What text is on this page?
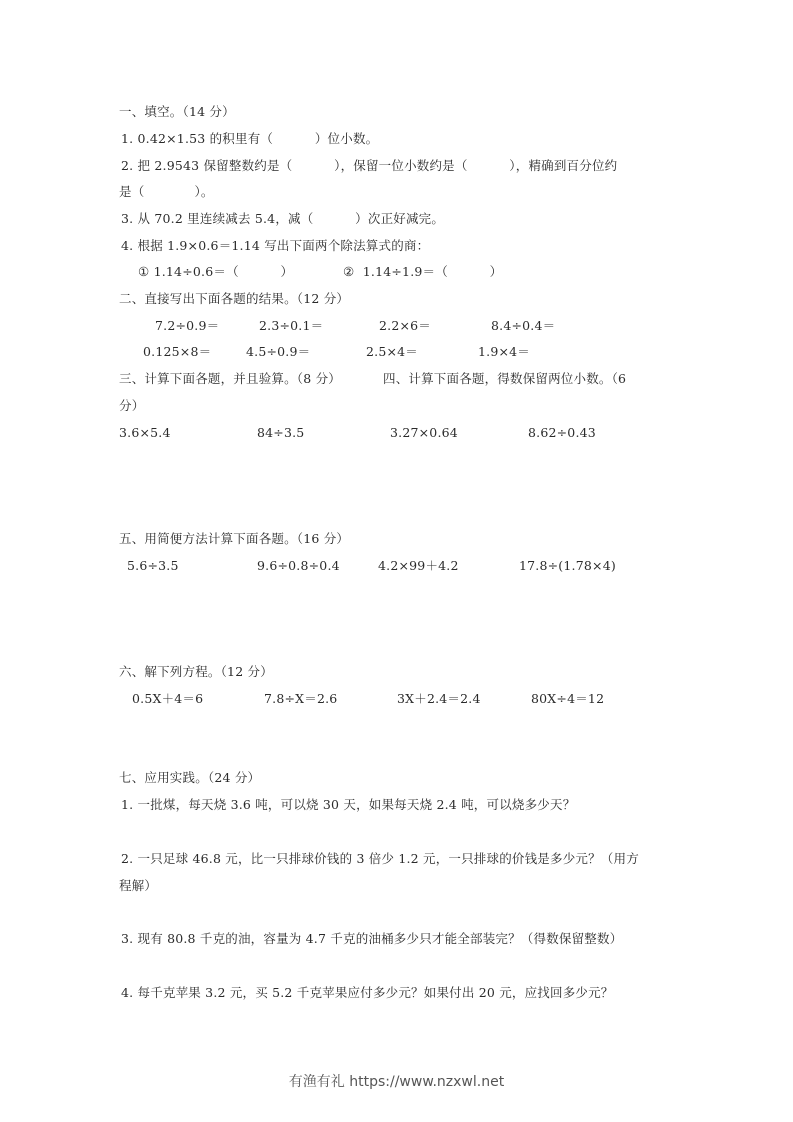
一、填空。（14 分）
1. 0.42×1.53 的积里有（          ）位小数。
2. 把 2.9543 保留整数约是（          ），保留一位小数约是（          ），精确到百分位约
是（            ）。
3. 从 70.2 里连续减去 5.4，减（          ）次正好减完。
4. 根据 1.9×0.6＝1.14 写出下面两个除法算式的商：
① 1.14÷0.6＝（          ）	②  1.14÷1.9＝（          ）
二、直接写出下面各题的结果。（12 分）
7.2÷0.9＝	2.3÷0.1＝	2.2×6＝	8.4÷0.4＝
0.125×8＝	4.5÷0.9＝	2.5×4＝	1.9×4＝
三、计算下面各题，并且验算。（8 分）	四、计算下面各题，得数保留两位小数。（6
分）
3.6×5.4	84÷3.5	3.27×0.64	8.62÷0.43
五、用简便方法计算下面各题。（16 分）
5.6÷3.5	9.6÷0.8÷0.4	4.2×99＋4.2	17.8÷(1.78×4)
六、解下列方程。（12 分）
0.5X＋4＝6	7.8÷X＝2.6	3X＋2.4＝2.4	80X÷4＝12
七、应用实践。（24 分）
1. 一批煤，每天烧 3.6 吨，可以烧 30 天，如果每天烧 2.4 吨，可以烧多少天？
2. 一只足球 46.8 元，比一只排球价钱的 3 倍少 1.2 元，一只排球的价钱是多少元？（用方
程解）
3. 现有 80.8 千克的油，容量为 4.7 千克的油桶多少只才能全部装完？（得数保留整数）
4. 每千克苹果 3.2 元，买 5.2 千克苹果应付多少元？如果付出 20 元，应找回多少元？
有渔有礼 https://www.nzxwl.net
